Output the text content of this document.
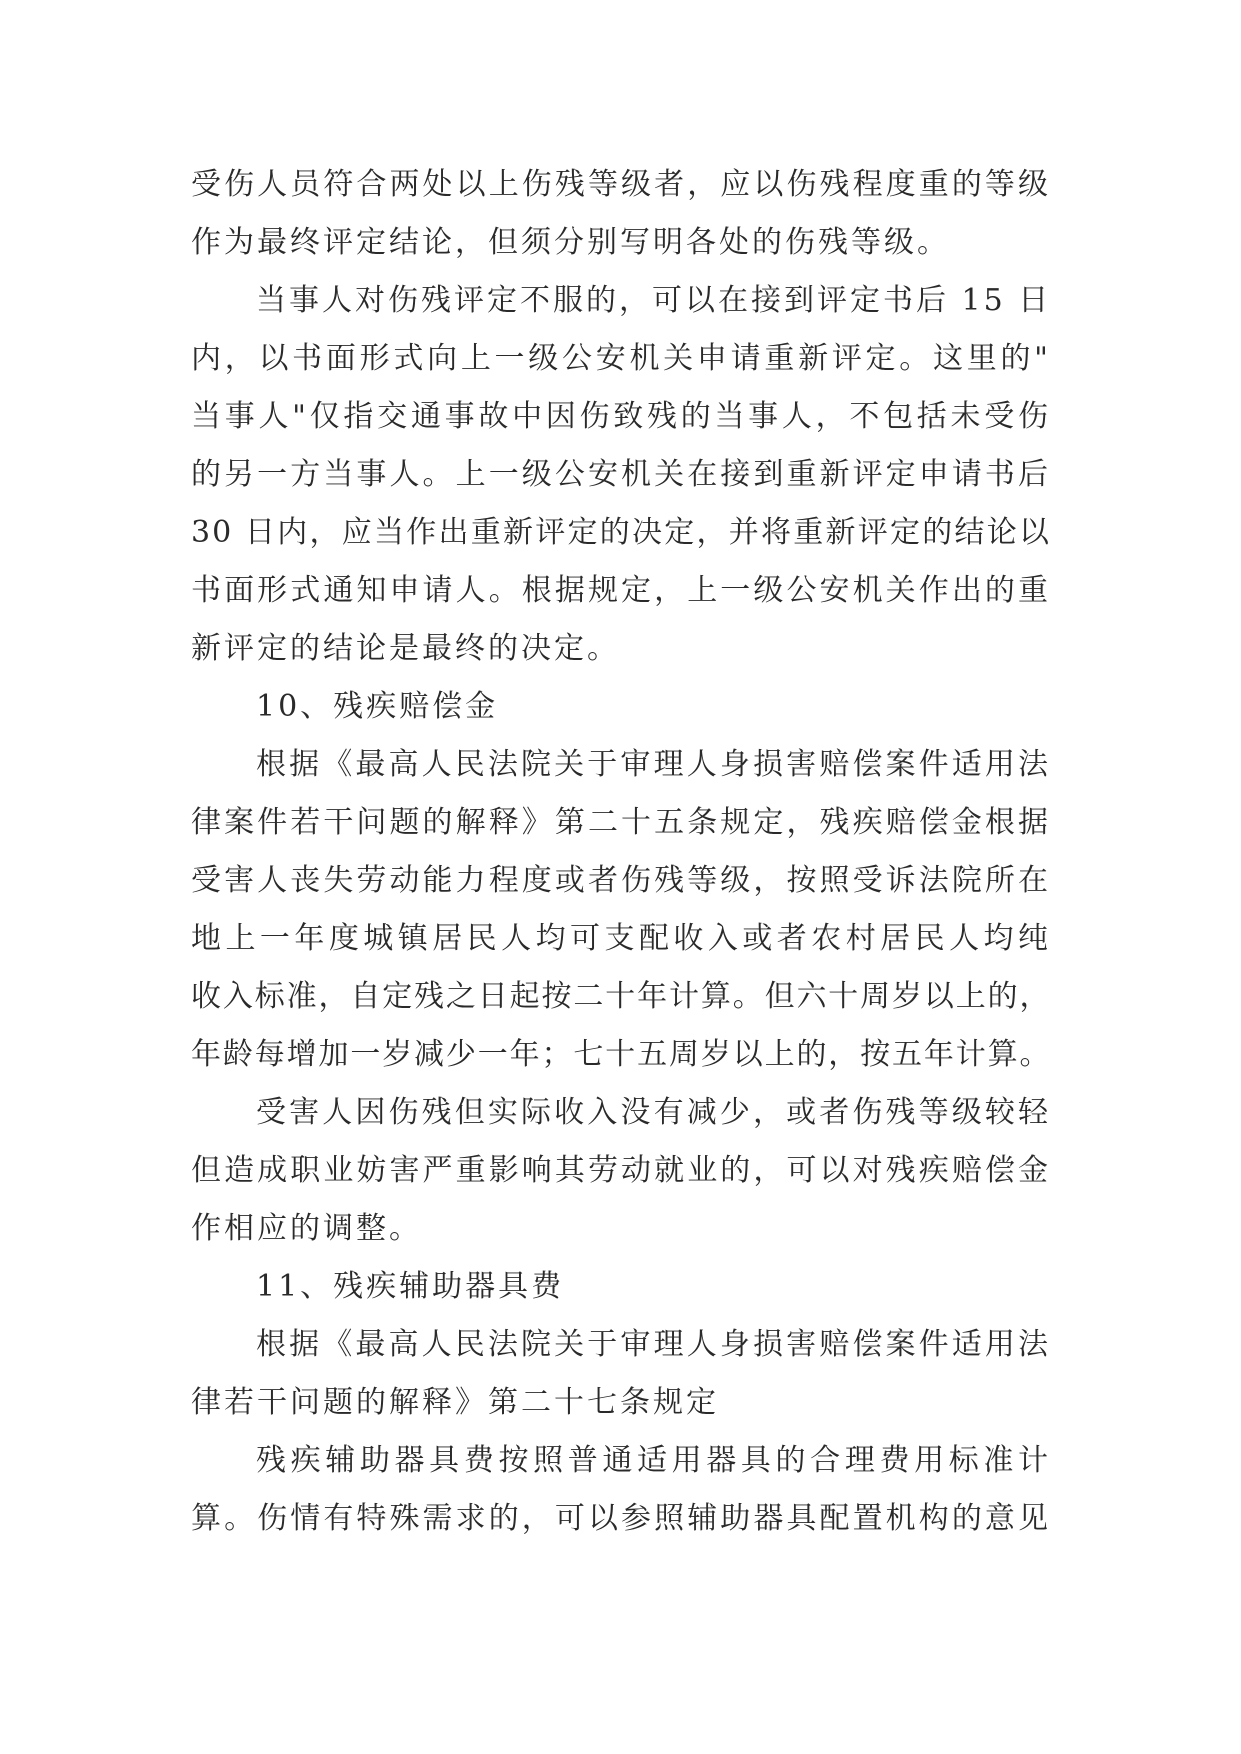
受伤人员符合两处以上伤残等级者，应以伤残程度重的等级
作为最终评定结论，但须分别写明各处的伤残等级。
当事人对伤残评定不服的，可以在接到评定书后 15 日
内，以书面形式向上一级公安机关申请重新评定。这里的"
当事人"仅指交通事故中因伤致残的当事人，不包括未受伤
的另一方当事人。上一级公安机关在接到重新评定申请书后
30 日内，应当作出重新评定的决定，并将重新评定的结论以
书面形式通知申请人。根据规定，上一级公安机关作出的重
新评定的结论是最终的决定。
10、残疾赔偿金
根据《最高人民法院关于审理人身损害赔偿案件适用法
律案件若干问题的解释》第二十五条规定，残疾赔偿金根据
受害人丧失劳动能力程度或者伤残等级，按照受诉法院所在
地上一年度城镇居民人均可支配收入或者农村居民人均纯
收入标准，自定残之日起按二十年计算。但六十周岁以上的，
年龄每增加一岁减少一年；七十五周岁以上的，按五年计算。
受害人因伤残但实际收入没有减少，或者伤残等级较轻
但造成职业妨害严重影响其劳动就业的，可以对残疾赔偿金
作相应的调整。
11、残疾辅助器具费
根据《最高人民法院关于审理人身损害赔偿案件适用法
律若干问题的解释》第二十七条规定
残疾辅助器具费按照普通适用器具的合理费用标准计
算。伤情有特殊需求的，可以参照辅助器具配置机构的意见
